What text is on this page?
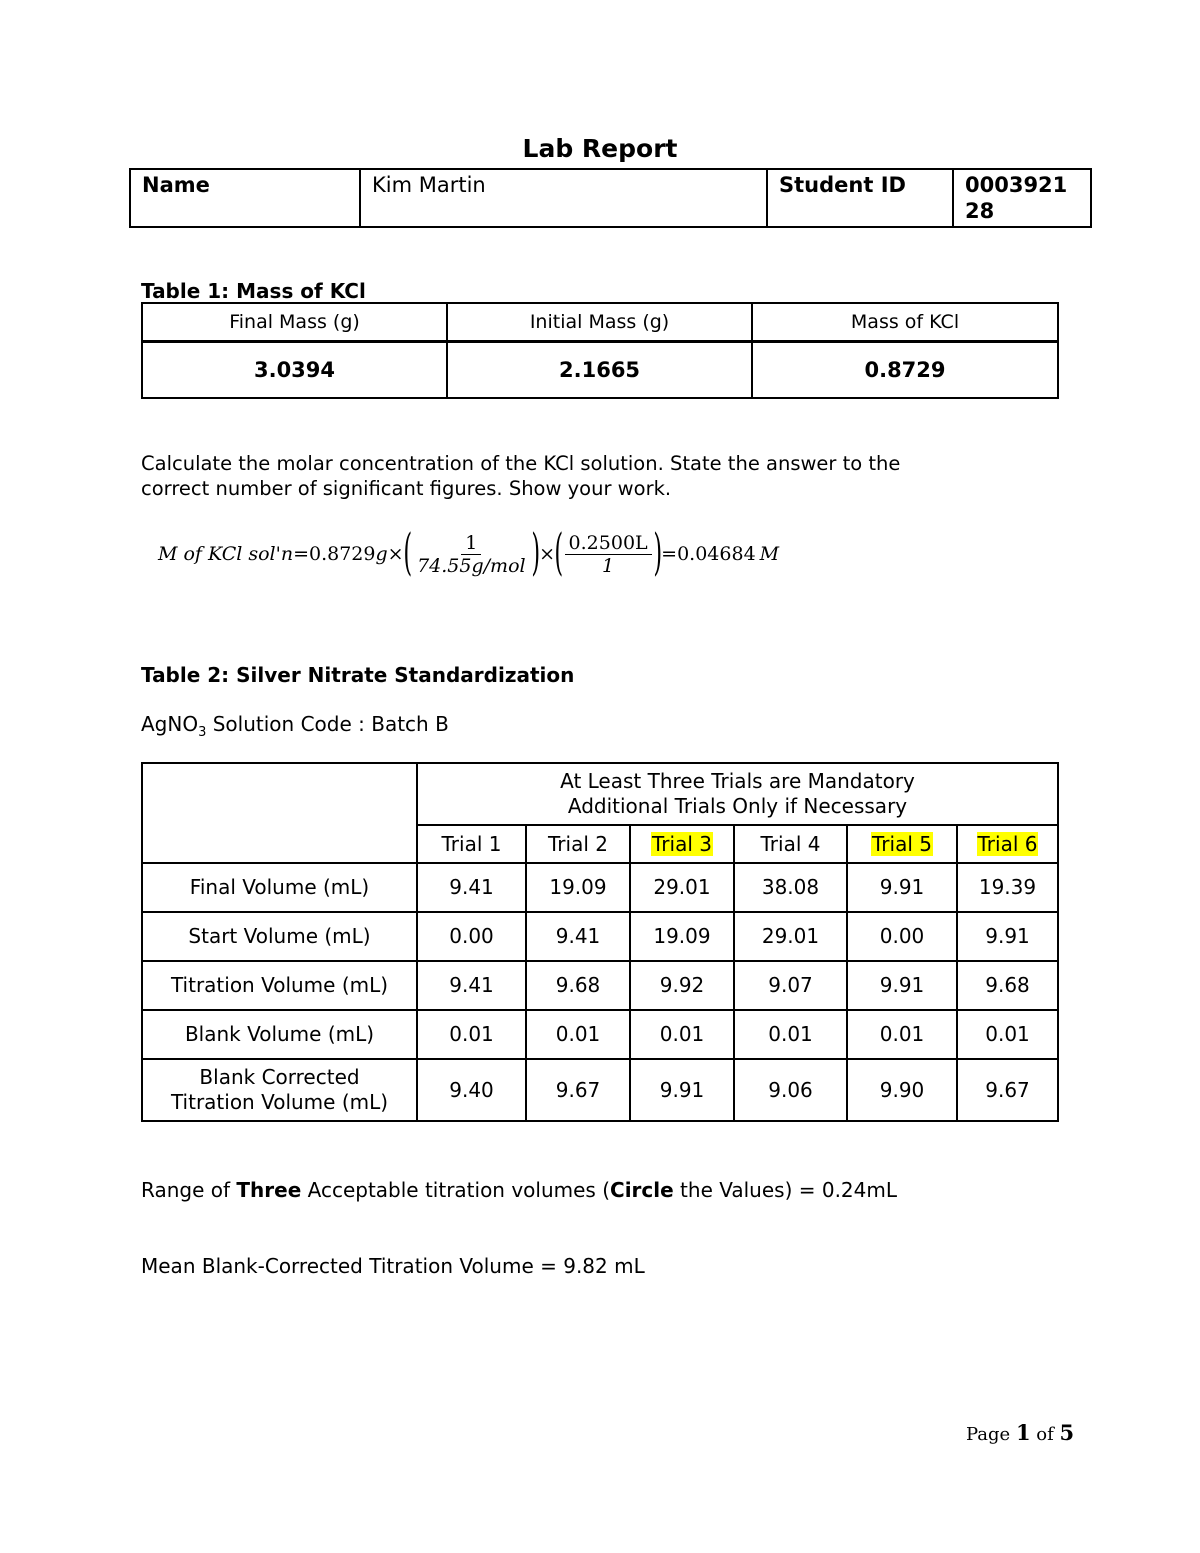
Lab Report
Name	Kim Martin	Student ID	0003921
28
Table 1: Mass of KCl
Final Mass (g)	Initial Mass (g)	Mass of KCl
3.0394	2.1665	0.8729
Calculate the molar concentration of the KCl solution. State the answer to the
correct number of significant figures. Show your work.
M of KCl sol'n =0.8729 g × ( $\frac{1}{\text{74.55g/mol}}$ ) × ( $\frac{0.2500L}{1}$ ) =0.04684 M
Table 2: Silver Nitrate Standardization
AgNO$_3$ Solution Code : Batch B

	At Least Three Trials are Mandatory
Additional Trials Only if Necessary					

	Trial 1	Trial 2	Trial 3	Trial 4	Trial 5	Trial 6
Final Volume (mL)	9.41	19.09	29.01	38.08	9.91	19.39
Start Volume (mL)	0.00	9.41	19.09	29.01	0.00	9.91
Titration Volume (mL)	9.41	9.68	9.92	9.07	9.91	9.68
Blank Volume (mL)	0.01	0.01	0.01	0.01	0.01	0.01

Blank Corrected
Titration Volume (mL)	9.40	9.67	9.91	9.06	9.90	9.67
Range of Three Acceptable titration volumes (Circle the Values) = 0.24mL
Mean Blank-Corrected Titration Volume = 9.82 mL
Page 1 of 5
